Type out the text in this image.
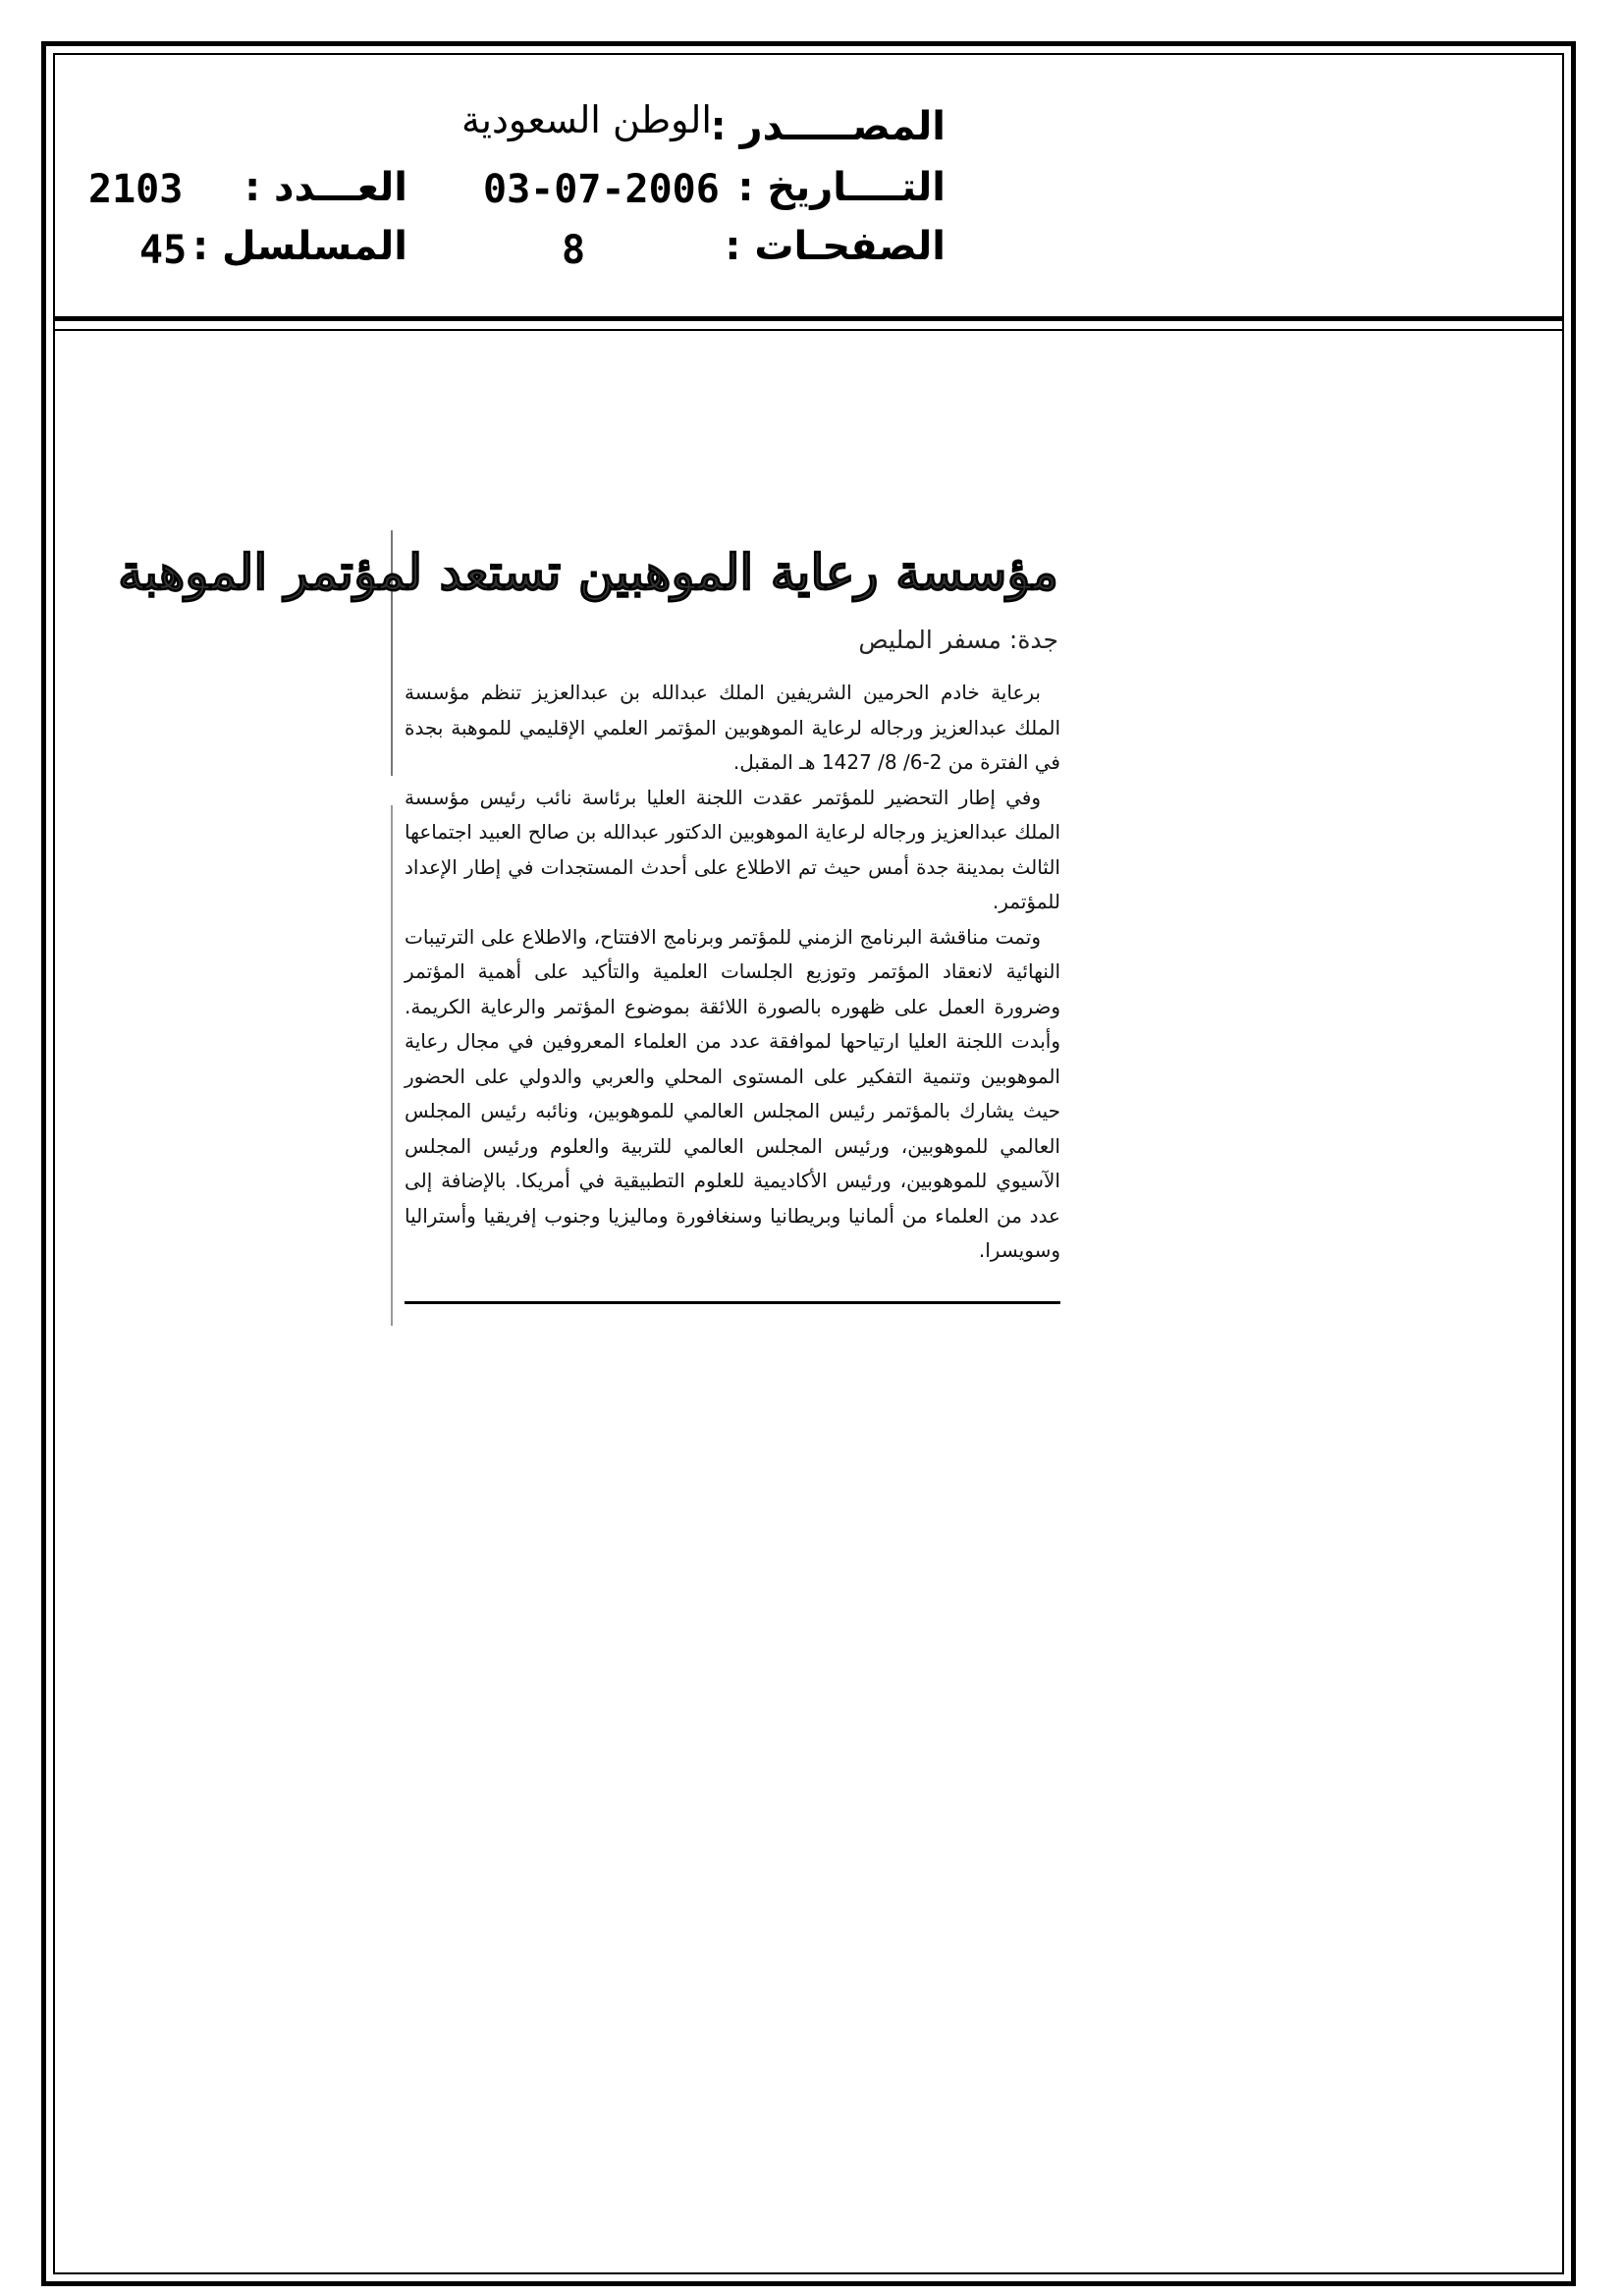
المصـــــدر :
التــــاريخ :
الصفحـات :
الوطن السعودية
03-07-2006
8
العـــدد :
المسلسل :
2103
45
مؤسسة رعاية الموهبين تستعد لمؤتمر الموهبة
جدة: مسفر المليص

برعاية خادم الحرمين الشريفين الملك عبدالله بن عبدالعزيز تنظم مؤسسة الملك عبدالعزيز ورجاله لرعاية الموهوبين المؤتمر العلمي الإقليمي للموهبة بجدة في الفترة من 2-6/ 8/ 1427 هـ المقبل.

وفي إطار التحضير للمؤتمر عقدت اللجنة العليا برئاسة نائب رئيس مؤسسة الملك عبدالعزيز ورجاله لرعاية الموهوبين الدكتور عبدالله بن صالح العبيد اجتماعها الثالث بمدينة جدة أمس حيث تم الاطلاع على أحدث المستجدات في إطار الإعداد للمؤتمر.

وتمت مناقشة البرنامج الزمني للمؤتمر وبرنامج الافتتاح، والاطلاع على الترتيبات النهائية لانعقاد المؤتمر وتوزيع الجلسات العلمية والتأكيد على أهمية المؤتمر وضرورة العمل على ظهوره بالصورة اللائقة بموضوع المؤتمر والرعاية الكريمة. وأبدت اللجنة العليا ارتياحها لموافقة عدد من العلماء المعروفين في مجال رعاية الموهوبين وتنمية التفكير على المستوى المحلي والعربي والدولي على الحضور حيث يشارك بالمؤتمر رئيس المجلس العالمي للموهوبين، ونائبه رئيس المجلس العالمي للموهوبين، ورئيس المجلس العالمي للتربية والعلوم ورئيس المجلس الآسيوي للموهوبين، ورئيس الأكاديمية للعلوم التطبيقية في أمريكا. بالإضافة إلى عدد من العلماء من ألمانيا وبريطانيا وسنغافورة وماليزيا وجنوب إفريقيا وأستراليا وسويسرا.
